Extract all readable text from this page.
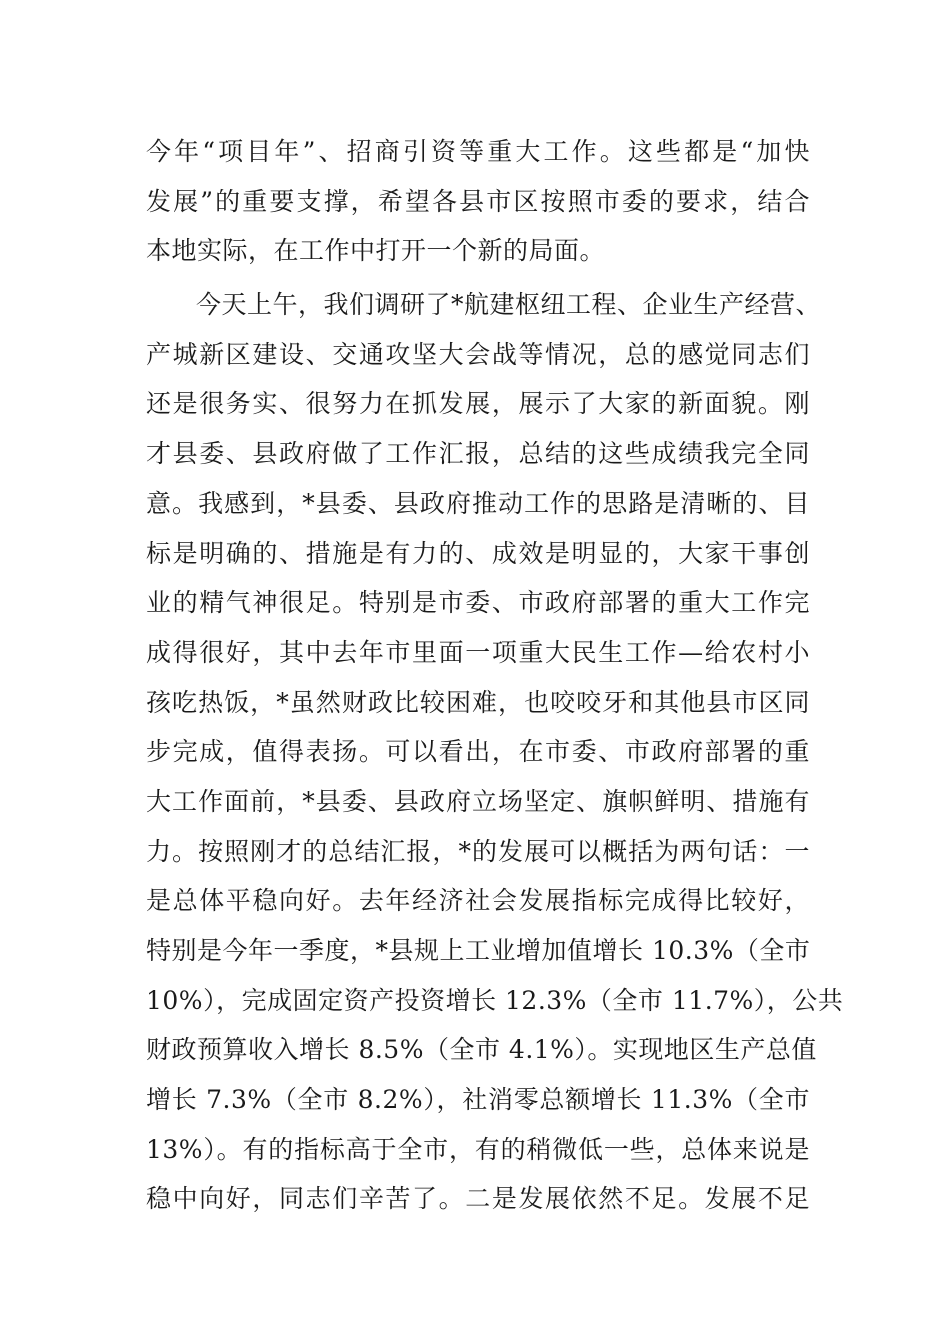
今年“项目年”、招商引资等重大工作。这些都是“加快
发展”的重要支撑，希望各县市区按照市委的要求，结合
本地实际，在工作中打开一个新的局面。
今天上午，我们调研了*航建枢纽工程、企业生产经营、
产城新区建设、交通攻坚大会战等情况，总的感觉同志们
还是很务实、很努力在抓发展，展示了大家的新面貌。刚
才县委、县政府做了工作汇报，总结的这些成绩我完全同
意。我感到，*县委、县政府推动工作的思路是清晰的、目
标是明确的、措施是有力的、成效是明显的，大家干事创
业的精气神很足。特别是市委、市政府部署的重大工作完
成得很好，其中去年市里面一项重大民生工作—给农村小
孩吃热饭，*虽然财政比较困难，也咬咬牙和其他县市区同
步完成，值得表扬。可以看出，在市委、市政府部署的重
大工作面前，*县委、县政府立场坚定、旗帜鲜明、措施有
力。按照刚才的总结汇报，*的发展可以概括为两句话：一
是总体平稳向好。去年经济社会发展指标完成得比较好，
特别是今年一季度，*县规上工业增加值增长 10.3%（全市
10%），完成固定资产投资增长 12.3%（全市 11.7%），公共
财政预算收入增长 8.5%（全市 4.1%）。实现地区生产总值
增长 7.3%（全市 8.2%），社消零总额增长 11.3%（全市
13%）。有的指标高于全市，有的稍微低一些，总体来说是
稳中向好，同志们辛苦了。二是发展依然不足。发展不足
